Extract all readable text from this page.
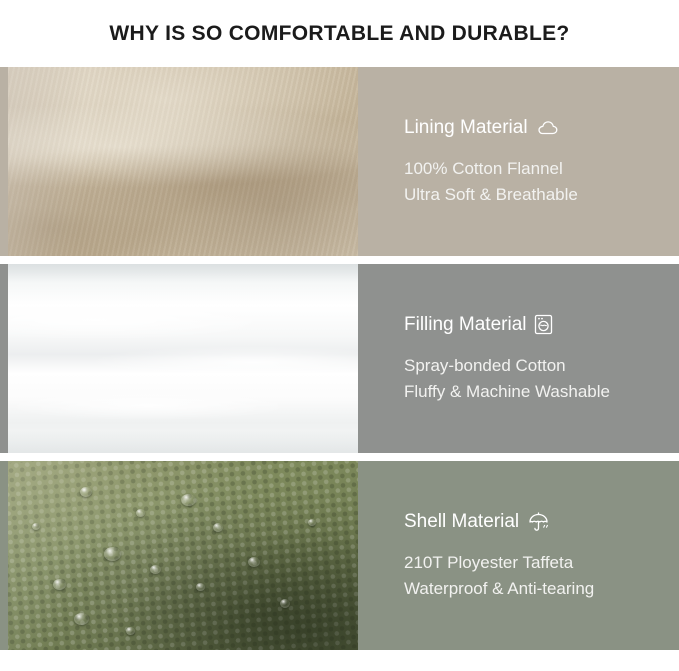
WHY IS SO COMFORTABLE AND DURABLE?
Lining Material
100% Cotton Flannel
Ultra Soft & Breathable
Filling Material
Spray-bonded Cotton
Fluffy & Machine Washable
Shell Material
210T Ployester Taffeta
Waterproof & Anti-tearing
